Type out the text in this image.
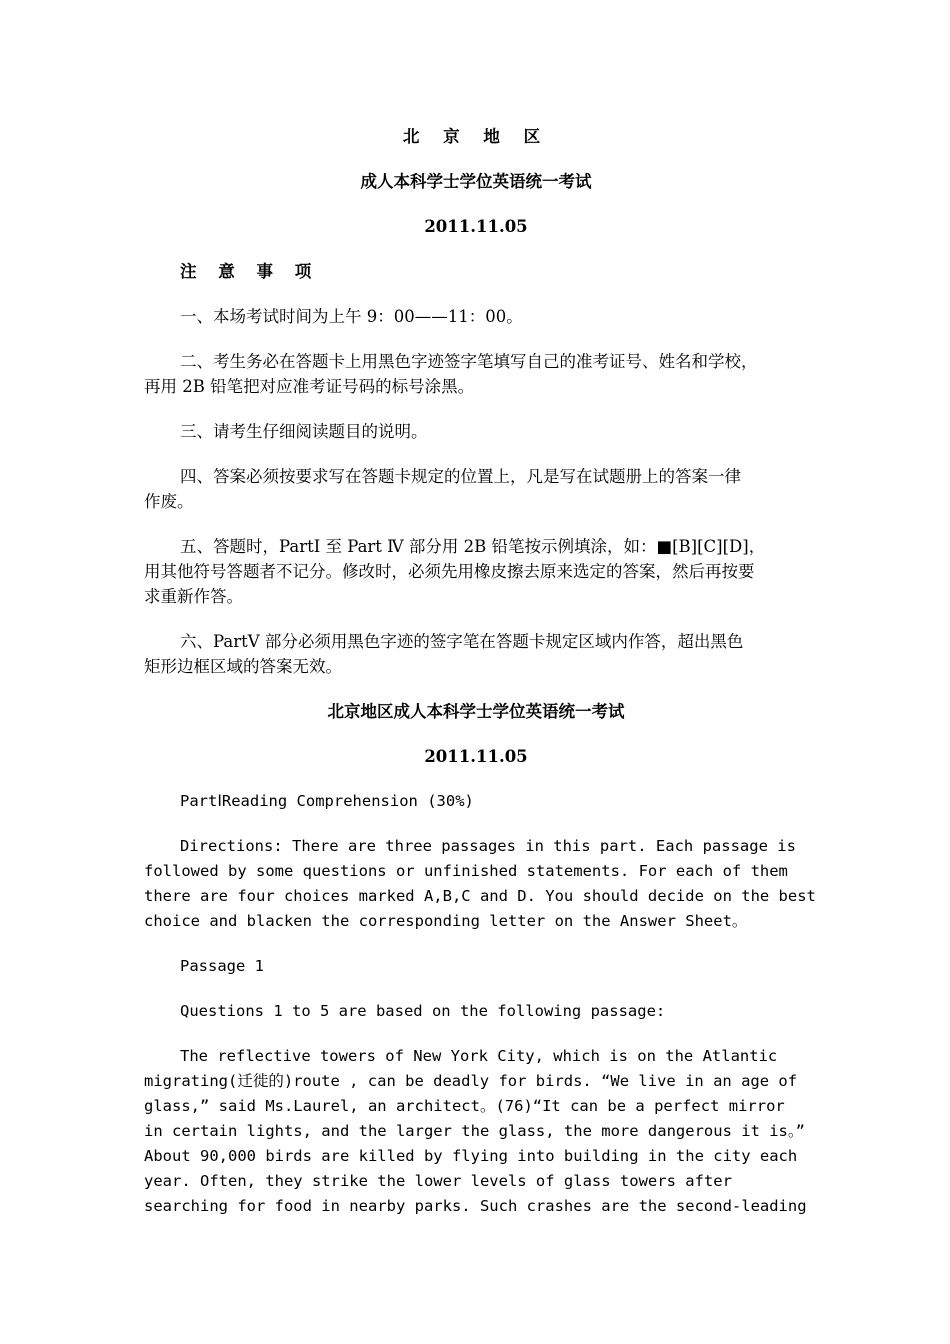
北 京 地 区
成人本科学士学位英语统一考试
2011.11.05
注 意 事 项
一、本场考试时间为上午 9：00——11：00。
二、考生务必在答题卡上用黑色字迹签字笔填写自己的准考证号、姓名和学校，
再用 2B 铅笔把对应准考证号码的标号涂黑。
三、请考生仔细阅读题目的说明。
四、答案必须按要求写在答题卡规定的位置上，凡是写在试题册上的答案一律
作废。
五、答题时，PartⅠ 至 Part Ⅳ 部分用 2B 铅笔按示例填涂，如：■[B][C][D]，
用其他符号答题者不记分。修改时，必须先用橡皮擦去原来选定的答案，然后再按要
求重新作答。
六、PartⅤ 部分必须用黑色字迹的签字笔在答题卡规定区域内作答，超出黑色
矩形边框区域的答案无效。
北京地区成人本科学士学位英语统一考试
2011.11.05
PartⅠReading Comprehension (30%)
Directions: There are three passages in this part. Each passage is
followed by some questions or unfinished statements. For each of them
there are four choices marked A,B,C and D. You should decide on the best
choice and blacken the corresponding letter on the Answer Sheet。
Passage 1
Questions 1 to 5 are based on the following passage:
The reflective towers of New York City, which is on the Atlantic
migrating(迁徙的)route , can be deadly for birds. “We live in an age of
glass,” said Ms.Laurel, an architect。(76)“It can be a perfect mirror
in certain lights, and the larger the glass, the more dangerous it is。”
About 90,000 birds are killed by flying into building in the city each
year. Often, they strike the lower levels of glass towers after
searching for food in nearby parks. Such crashes are the second-leading
